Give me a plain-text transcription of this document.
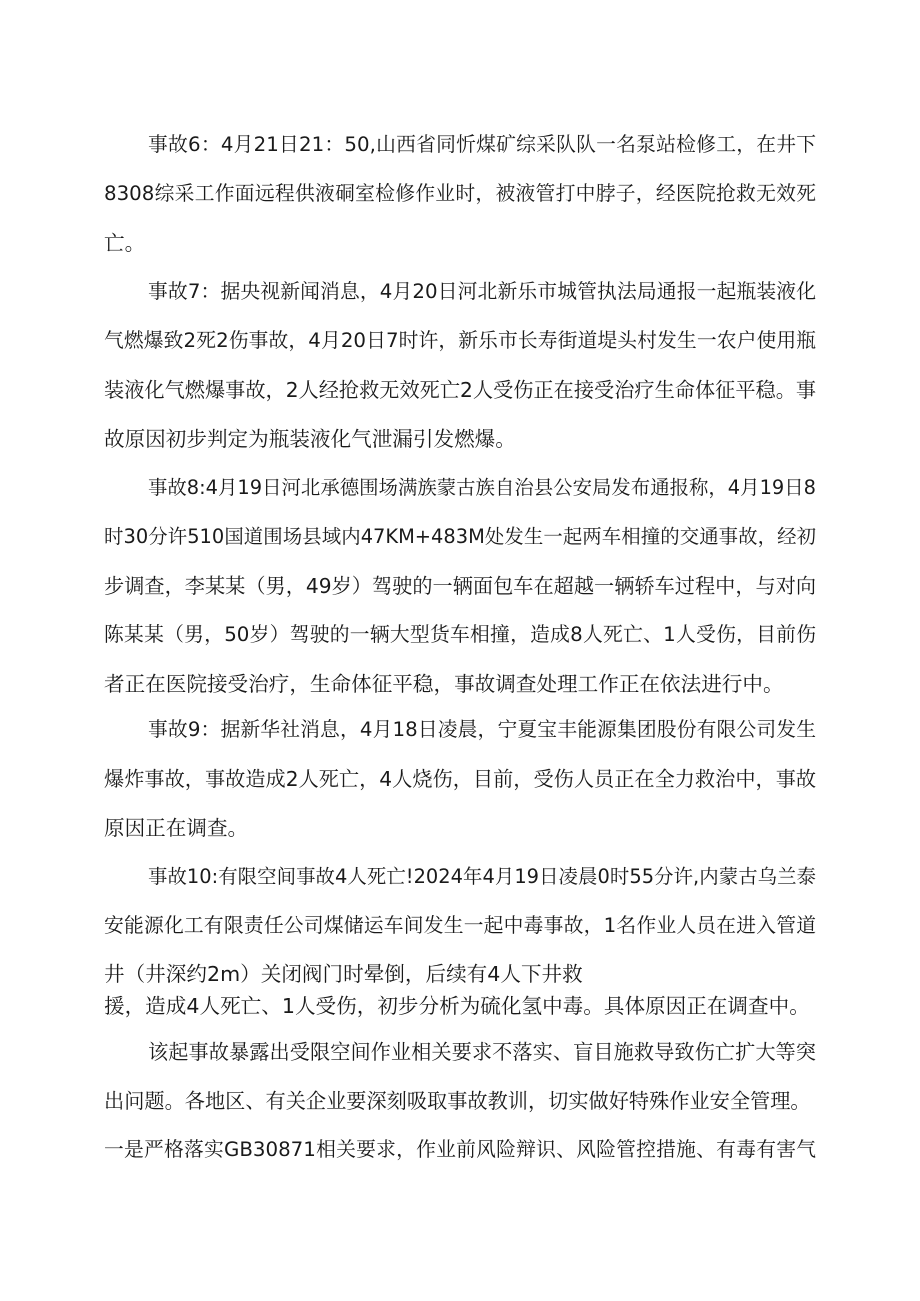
事故6：4月21日21：50,山西省同忻煤矿综采队队一名泵站检修工，在井下
8308综采工作面远程供液硐室检修作业时，被液管打中脖子，经医院抢救无效死
亡。
事故7：据央视新闻消息，4月20日河北新乐市城管执法局通报一起瓶装液化
气燃爆致2死2伤事故，4月20日7时许，新乐市长寿街道堤头村发生一农户使用瓶
装液化气燃爆事故，2人经抢救无效死亡2人受伤正在接受治疗生命体征平稳。事
故原因初步判定为瓶装液化气泄漏引发燃爆。
事故8:4月19日河北承德围场满族蒙古族自治县公安局发布通报称，4月19日8
时30分许510国道围场县域内47KM+483M处发生一起两车相撞的交通事故，经初
步调查，李某某（男，49岁）驾驶的一辆面包车在超越一辆轿车过程中，与对向
陈某某（男，50岁）驾驶的一辆大型货车相撞，造成8人死亡、1人受伤，目前伤
者正在医院接受治疗，生命体征平稳，事故调查处理工作正在依法进行中。
事故9：据新华社消息，4月18日凌晨，宁夏宝丰能源集团股份有限公司发生
爆炸事故，事故造成2人死亡，4人烧伤，目前，受伤人员正在全力救治中，事故
原因正在调查。
事故10:有限空间事故4人死亡!2024年4月19日凌晨0时55分许,内蒙古乌兰泰
安能源化工有限责任公司煤储运车间发生一起中毒事故，1名作业人员在进入管道
井（井深约2m）关闭阀门时晕倒，后续有4人下井救
援，造成4人死亡、1人受伤，初步分析为硫化氢中毒。具体原因正在调查中。
该起事故暴露出受限空间作业相关要求不落实、盲目施救导致伤亡扩大等突
出问题。各地区、有关企业要深刻吸取事故教训，切实做好特殊作业安全管理。
一是严格落实GB30871相关要求，作业前风险辩识、风险管控措施、有毒有害气
